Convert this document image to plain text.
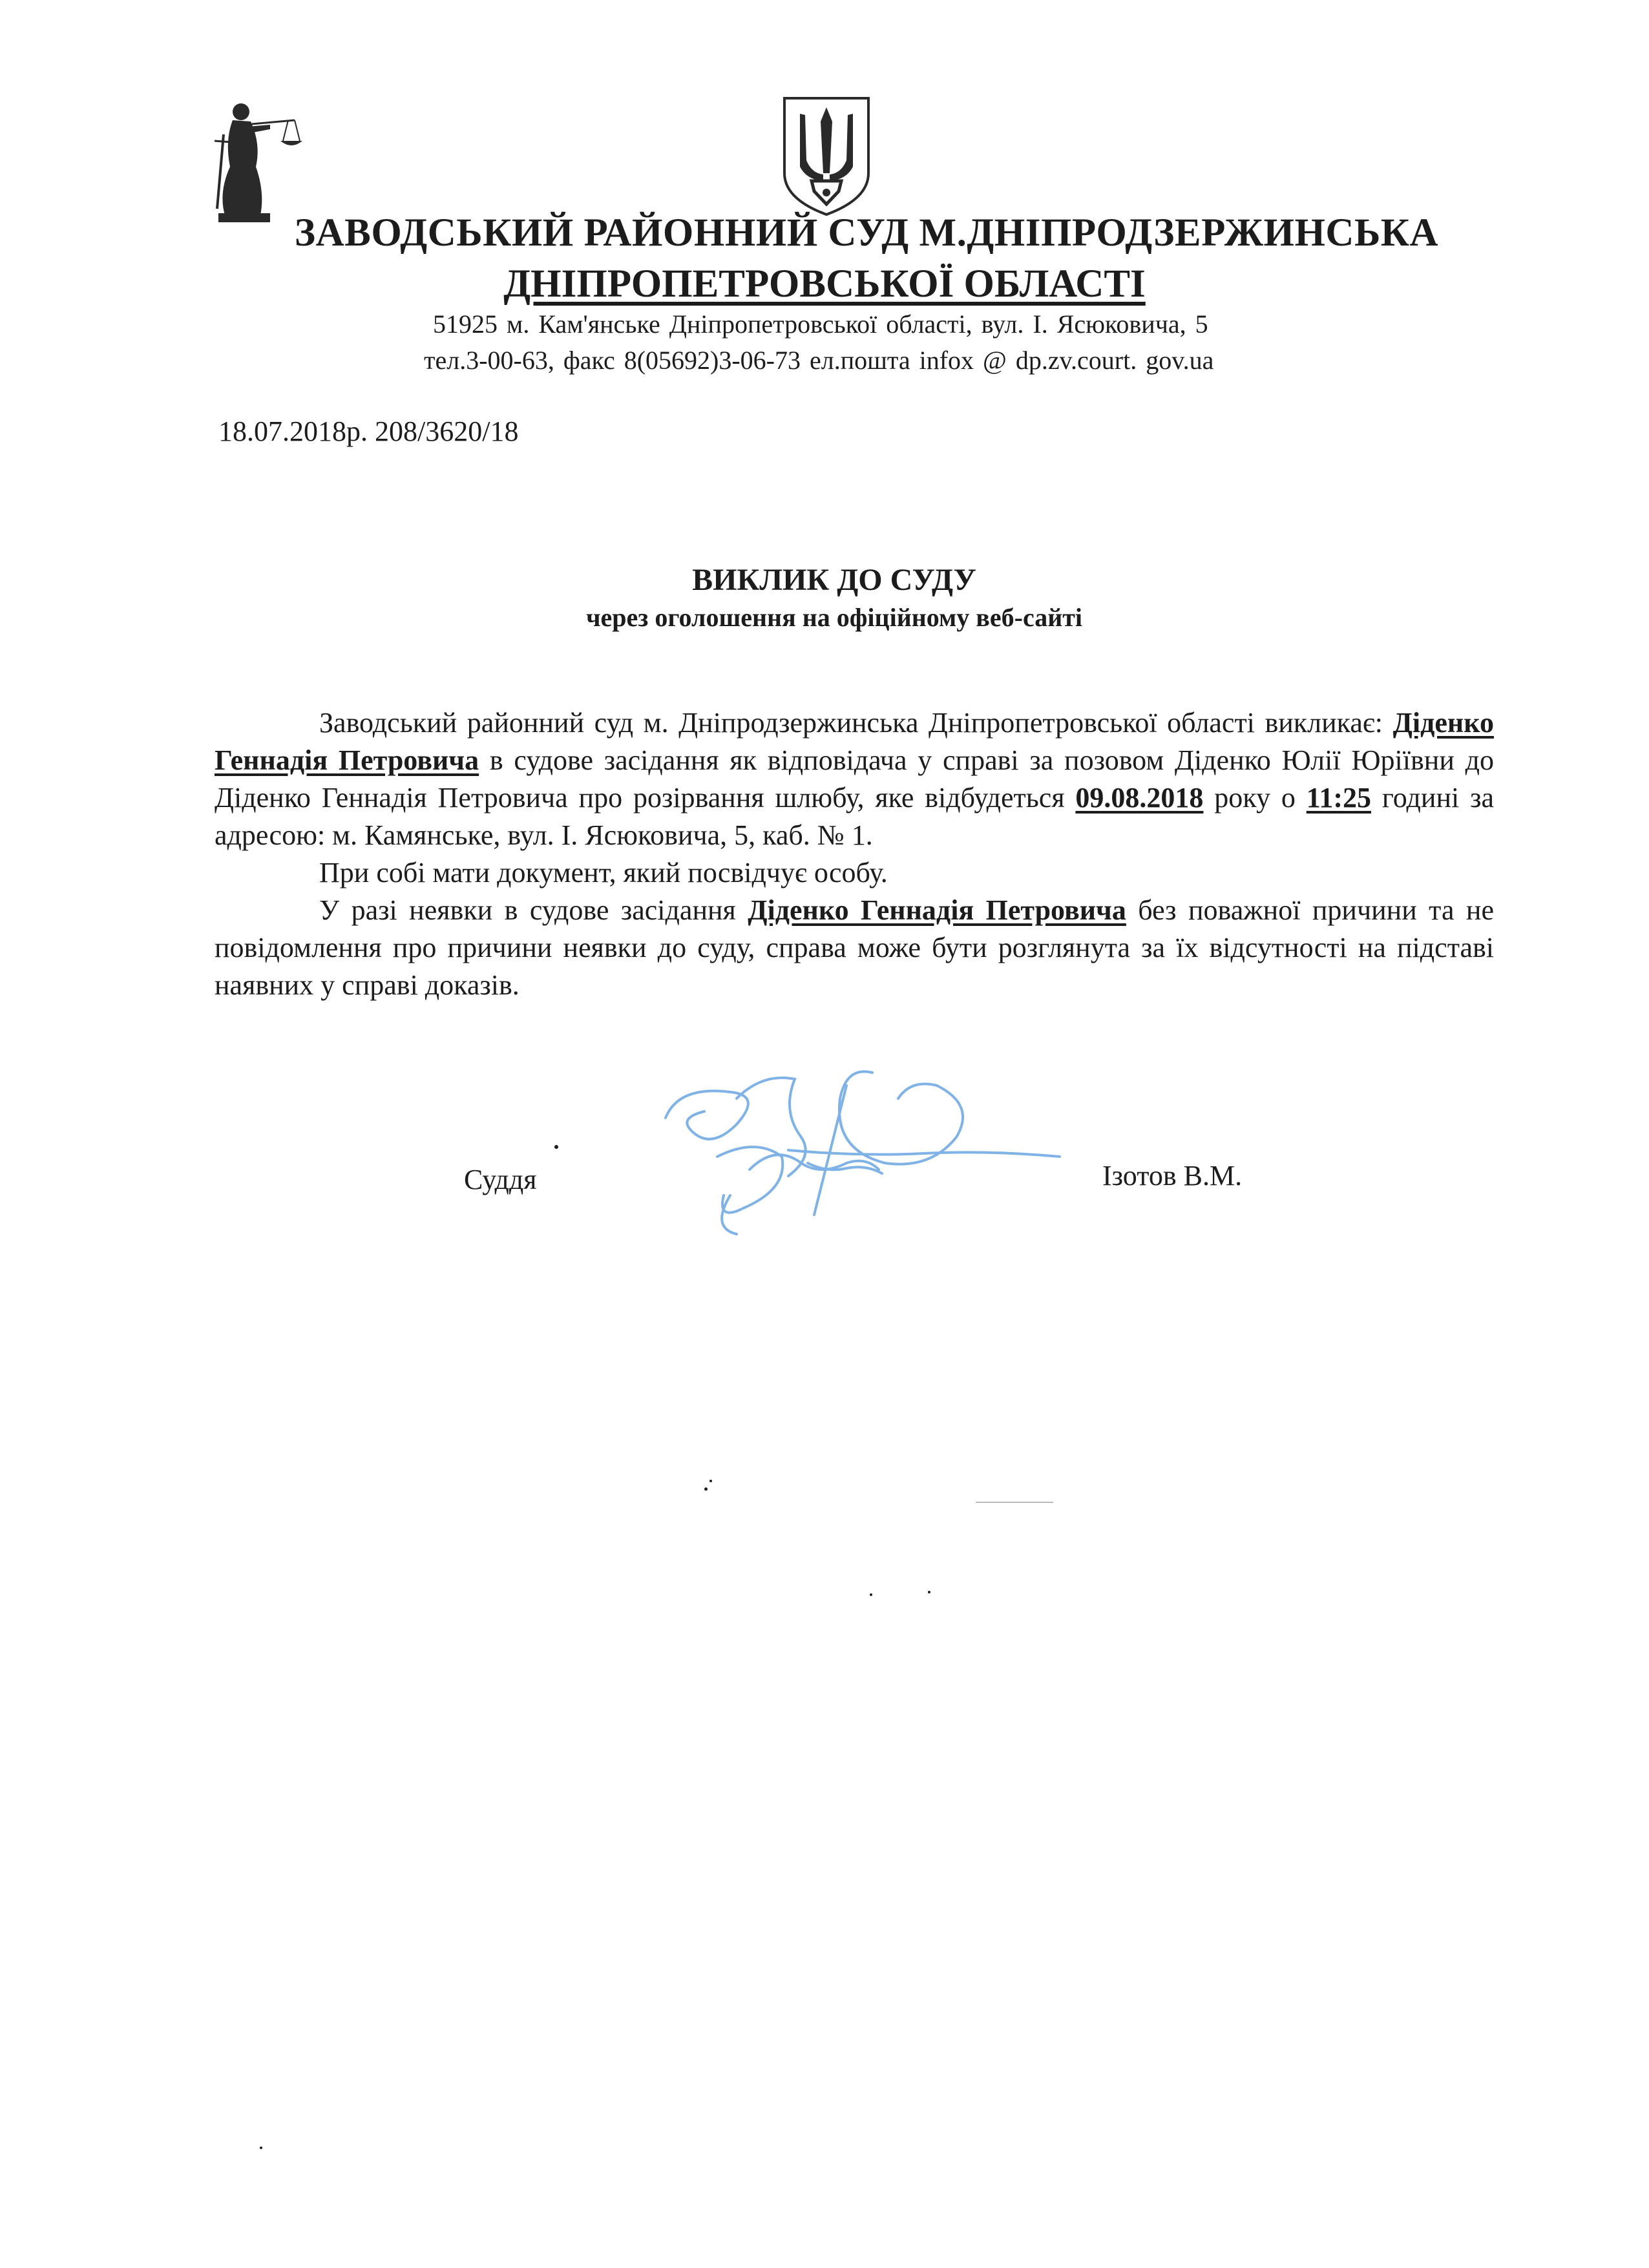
ЗАВОДСЬКИЙ РАЙОННИЙ СУД М.ДНІПРОДЗЕРЖИНСЬКА
ДНІПРОПЕТРОВСЬКОЇ ОБЛАСТІ
51925 м. Кам'янське Дніпропетровської області, вул. І. Ясюковича, 5
тел.3-00-63, факс 8(05692)3-06-73 ел.пошта infox @ dp.zv.court. gov.ua
18.07.2018р. 208/3620/18
ВИКЛИК ДО СУДУ
через оголошення на офіційному веб-сайті

Заводський районний суд м. Дніпродзержинська Дніпропетровської області викликає: Діденко Геннадія Петровича в судове засідання як відповідача у справі за позовом Діденко Юлії Юріївни до Діденко Геннадія Петровича про розірвання шлюбу, яке відбудеться 09.08.2018 року о 11:25 годині за адресою: м. Камянське, вул. І. Ясюковича, 5, каб. № 1.

При собі мати документ, який посвідчує особу.

У разі неявки в судове засідання Діденко Геннадія Петровича без поважної причини та не повідомлення про причини неявки до суду, справа може бути розглянута за їх відсутності на підставі наявних у справі доказів.

Суддя	Ізотов В.М.
